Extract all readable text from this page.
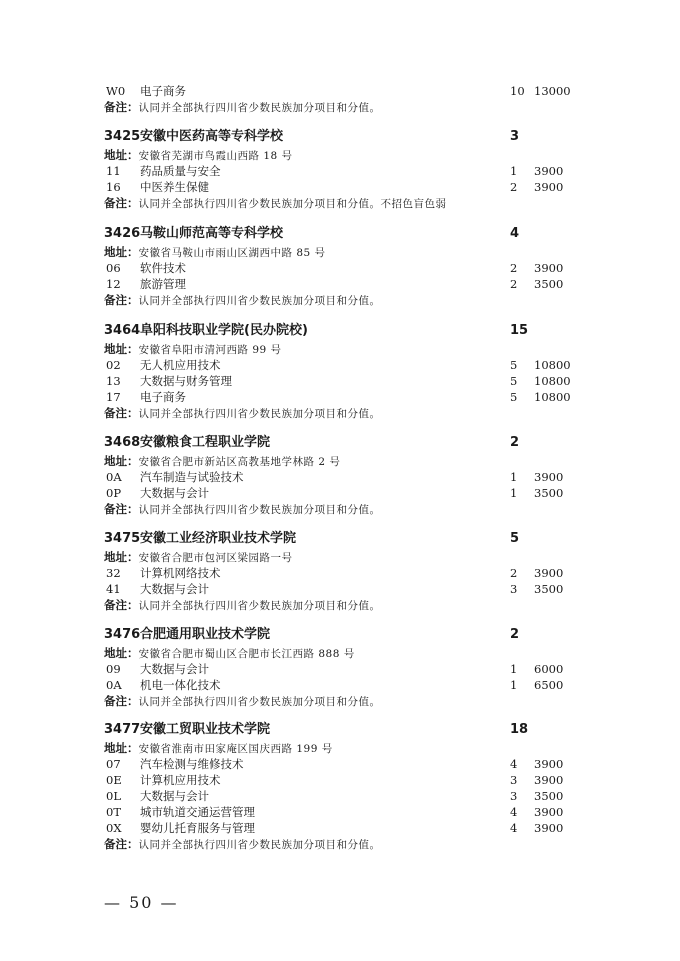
W0 电子商务	10 13000
备注：认同并全部执行四川省少数民族加分项目和分值。
3425 安徽中医药高等专科学校	3
地址：安徽省芜湖市鸟霞山西路 18 号
11 药品质量与安全	1 3900
16 中医养生保健	2 3900
备注：认同并全部执行四川省少数民族加分项目和分值。不招色盲色弱
3426 马鞍山师范高等专科学校	4
地址：安徽省马鞍山市雨山区湖西中路 85 号
06 软件技术	2 3900
12 旅游管理	2 3500
备注：认同并全部执行四川省少数民族加分项目和分值。
3464 阜阳科技职业学院(民办院校)	15
地址：安徽省阜阳市清河西路 99 号
02 无人机应用技术	5 10800
13 大数据与财务管理	5 10800
17 电子商务	5 10800
备注：认同并全部执行四川省少数民族加分项目和分值。
3468 安徽粮食工程职业学院	2
地址：安徽省合肥市新站区高教基地学林路 2 号
0A 汽车制造与试验技术	1 3900
0P 大数据与会计	1 3500
备注：认同并全部执行四川省少数民族加分项目和分值。
3475 安徽工业经济职业技术学院	5
地址：安徽省合肥市包河区梁园路一号
32 计算机网络技术	2 3900
41 大数据与会计	3 3500
备注：认同并全部执行四川省少数民族加分项目和分值。
3476 合肥通用职业技术学院	2
地址：安徽省合肥市蜀山区合肥市长江西路 888 号
09 大数据与会计	1 6000
0A 机电一体化技术	1 6500
备注：认同并全部执行四川省少数民族加分项目和分值。
3477 安徽工贸职业技术学院	18
地址：安徽省淮南市田家庵区国庆西路 199 号
07 汽车检测与维修技术	4 3900
0E 计算机应用技术	3 3900
0L 大数据与会计	3 3500
0T 城市轨道交通运营管理	4 3900
0X 婴幼儿托育服务与管理	4 3900
备注：认同并全部执行四川省少数民族加分项目和分值。
— 50 —
